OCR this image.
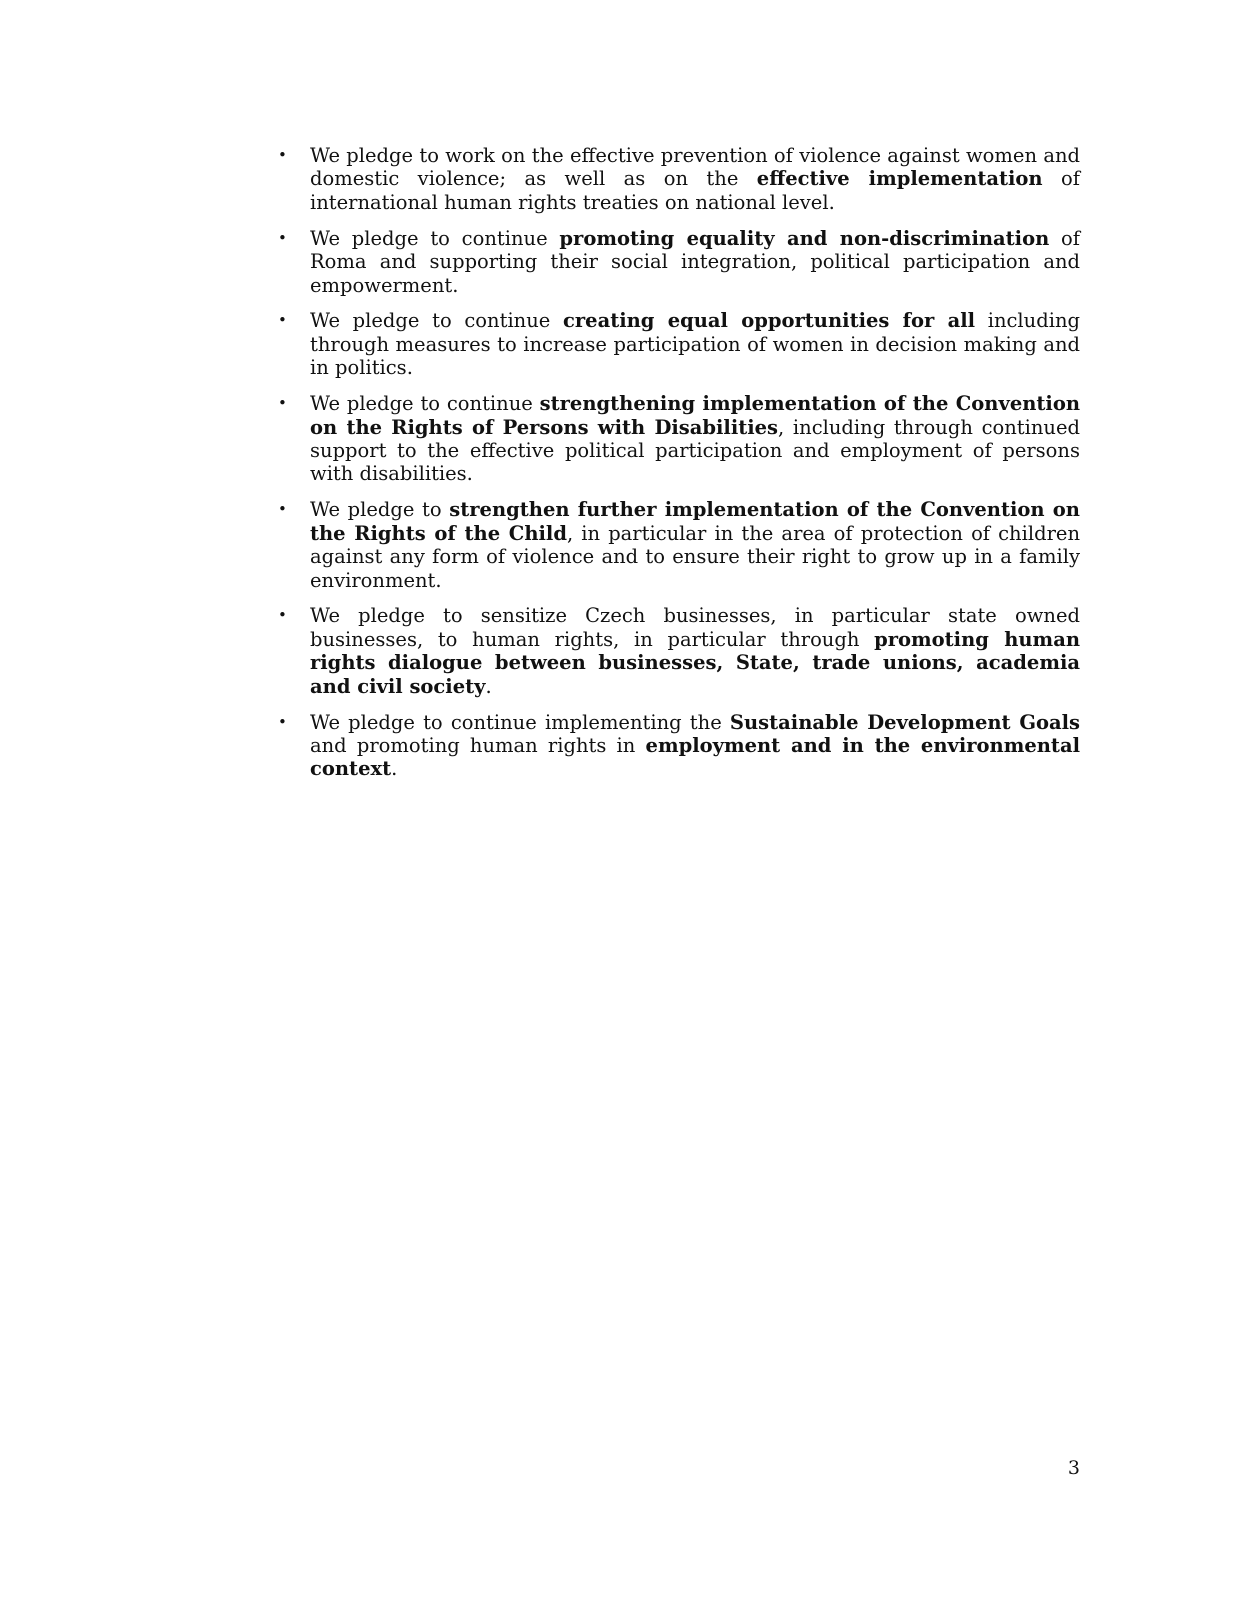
• We pledge to work on the effective prevention of violence against women and domestic violence; as well as on the effective implementation of international human rights treaties on national level.
• We pledge to continue promoting equality and non-discrimination of Roma and supporting their social integration, political participation and empowerment.
• We pledge to continue creating equal opportunities for all including through measures to increase participation of women in decision making and in politics.
• We pledge to continue strengthening implementation of the Convention on the Rights of Persons with Disabilities, including through continued support to the effective political participation and employment of persons with disabilities.
• We pledge to strengthen further implementation of the Convention on the Rights of the Child, in particular in the area of protection of children against any form of violence and to ensure their right to grow up in a family environment.
• We pledge to sensitize Czech businesses, in particular state owned businesses, to human rights, in particular through promoting human rights dialogue between businesses, State, trade unions, academia and civil society.
• We pledge to continue implementing the Sustainable Development Goals and promoting human rights in employment and in the environmental context.
3
